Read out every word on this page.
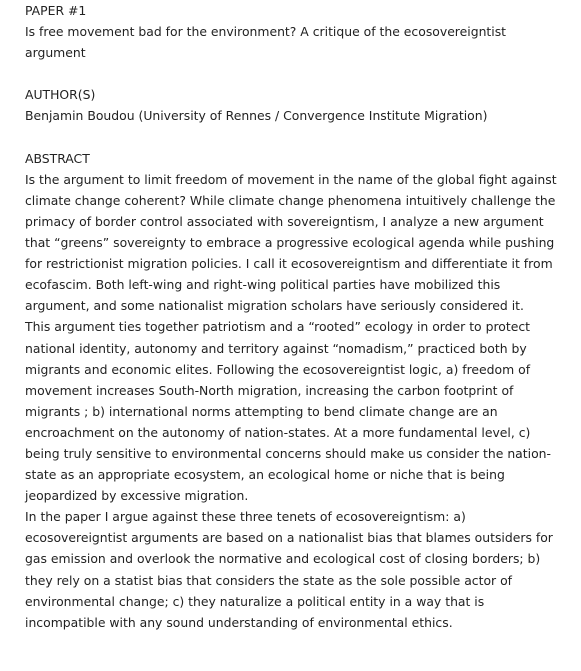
PAPER #1
Is free movement bad for the environment? A critique of the ecosovereigntist
argument
AUTHOR(S)
Benjamin Boudou (University of Rennes / Convergence Institute Migration)
ABSTRACT
Is the argument to limit freedom of movement in the name of the global fight against
climate change coherent? While climate change phenomena intuitively challenge the
primacy of border control associated with sovereigntism, I analyze a new argument
that “greens” sovereignty to embrace a progressive ecological agenda while pushing
for restrictionist migration policies. I call it ecosovereigntism and differentiate it from
ecofascim. Both left-wing and right-wing political parties have mobilized this
argument, and some nationalist migration scholars have seriously considered it.
This argument ties together patriotism and a “rooted” ecology in order to protect
national identity, autonomy and territory against “nomadism,” practiced both by
migrants and economic elites. Following the ecosovereigntist logic, a) freedom of
movement increases South-North migration, increasing the carbon footprint of
migrants ; b) international norms attempting to bend climate change are an
encroachment on the autonomy of nation-states. At a more fundamental level, c)
being truly sensitive to environmental concerns should make us consider the nation-
state as an appropriate ecosystem, an ecological home or niche that is being
jeopardized by excessive migration.
In the paper I argue against these three tenets of ecosovereigntism: a)
ecosovereigntist arguments are based on a nationalist bias that blames outsiders for
gas emission and overlook the normative and ecological cost of closing borders; b)
they rely on a statist bias that considers the state as the sole possible actor of
environmental change; c) they naturalize a political entity in a way that is
incompatible with any sound understanding of environmental ethics.
